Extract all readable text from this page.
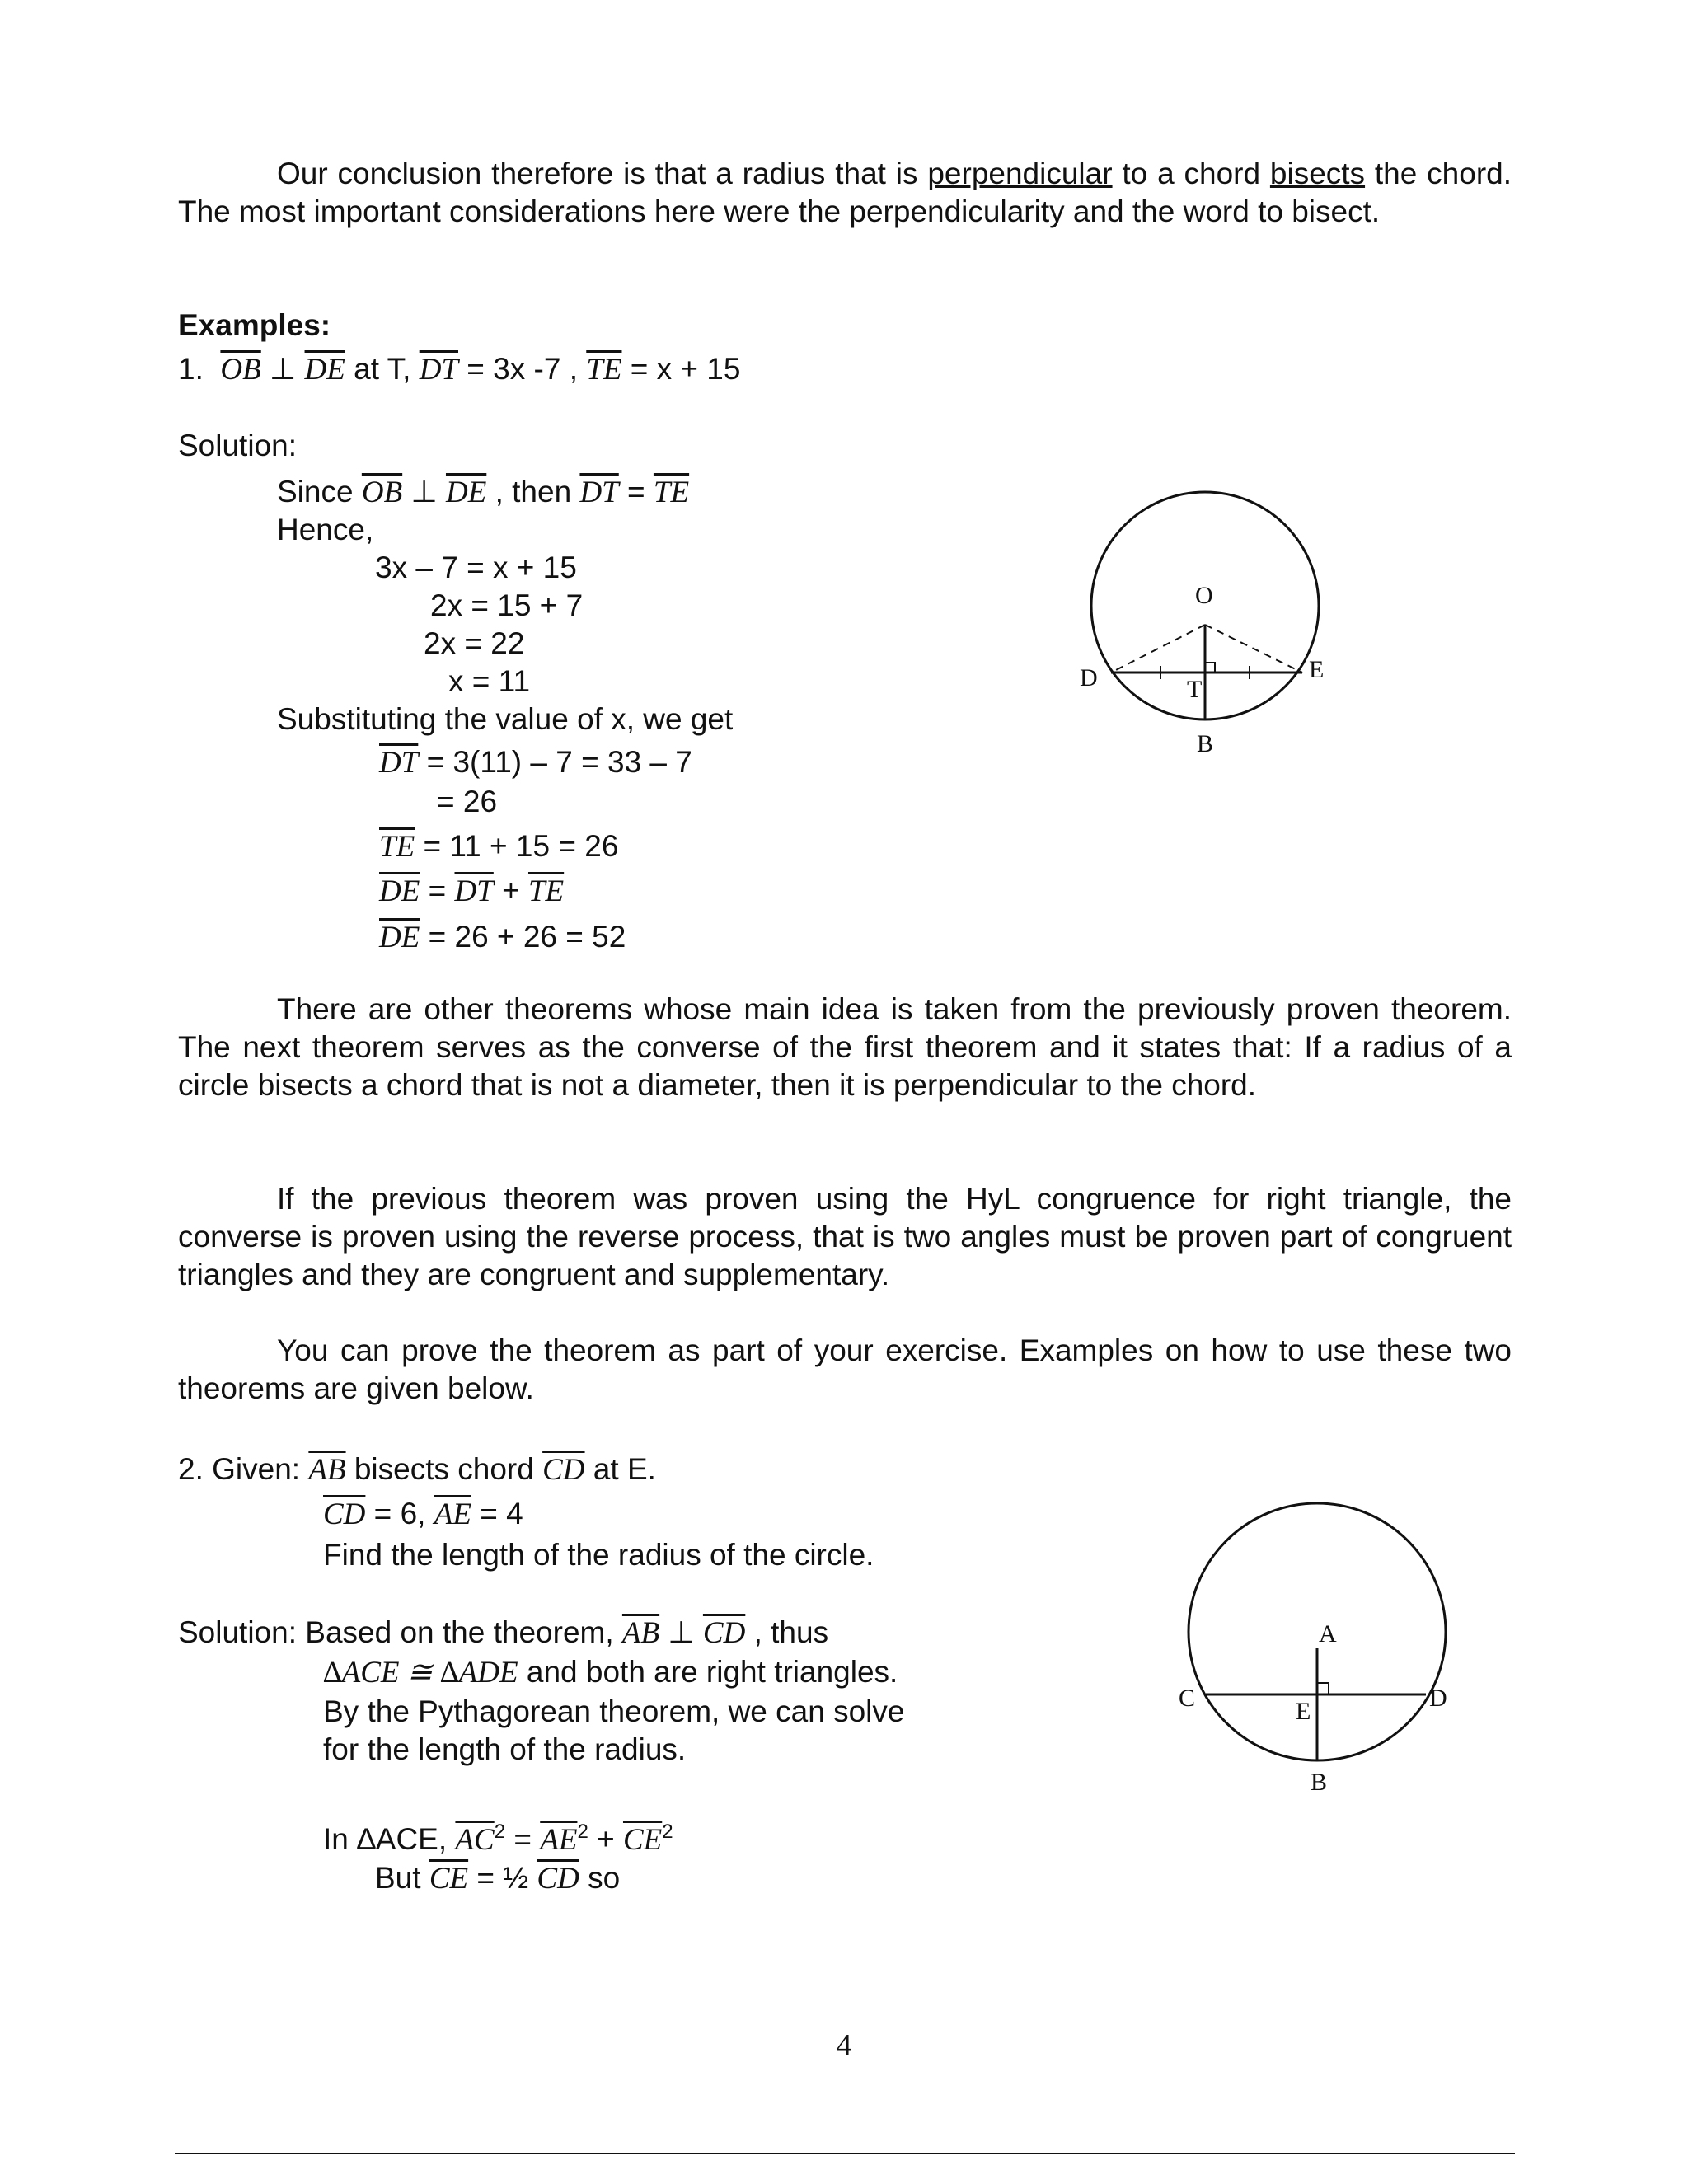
Our conclusion therefore is that a radius that is perpendicular to a chord bisects the chord. The most important considerations here were the perpendicularity and the word to bisect.
Examples:
1. $\overline{OB}$ ⊥ $\overline{DE}$ at T, $\overline{DT} = 3x$ -7 , $\overline{TE} = x + 15$
Solution:
Since $\overline{OB}$ ⊥ $\overline{DE}$ , then $\overline{DT} = \overline{TE}$
Hence,
3x – 7 = x + 15
2x = 15 + 7
2x = 22
x = 11
Substituting the value of x, we get
$\overline{DT} = 3(11) - 7 = 33 - 7$
= 26
$\overline{TE} = 11 + 15 = 26$
$\overline{DE} = \overline{DT} + \overline{TE}$
$\overline{DE} = 26 + 26 = 52$
O
D	E
T
B
There are other theorems whose main idea is taken from the previously proven theorem. The next theorem serves as the converse of the first theorem and it states that: If a radius of a circle bisects a chord that is not a diameter, then it is perpendicular to the chord.
If the previous theorem was proven using the HyL congruence for right triangle, the converse is proven using the reverse process, that is two angles must be proven part of congruent triangles and they are congruent and supplementary.
You can prove the theorem as part of your exercise. Examples on how to use these two theorems are given below.
2. Given: $\overline{AB}$ bisects chord $\overline{CD}$ at E.
$\overline{CD} = 6$, $\overline{AE} = 4$
Find the length of the radius of the circle.
Solution: Based on the theorem, $\overline{AB}$ ⊥ $\overline{CD}$ , thus
∆ACE ≅ ∆ADE and both are right triangles.
By the Pythagorean theorem, we can solve
for the length of the radius.
In ∆ACE, $\overline{AC}^2 = \overline{AE}^2 + \overline{CE}^2$
But $\overline{CE}$ = ½ $\overline{CD}$ so
A
C	D
E
B
4
